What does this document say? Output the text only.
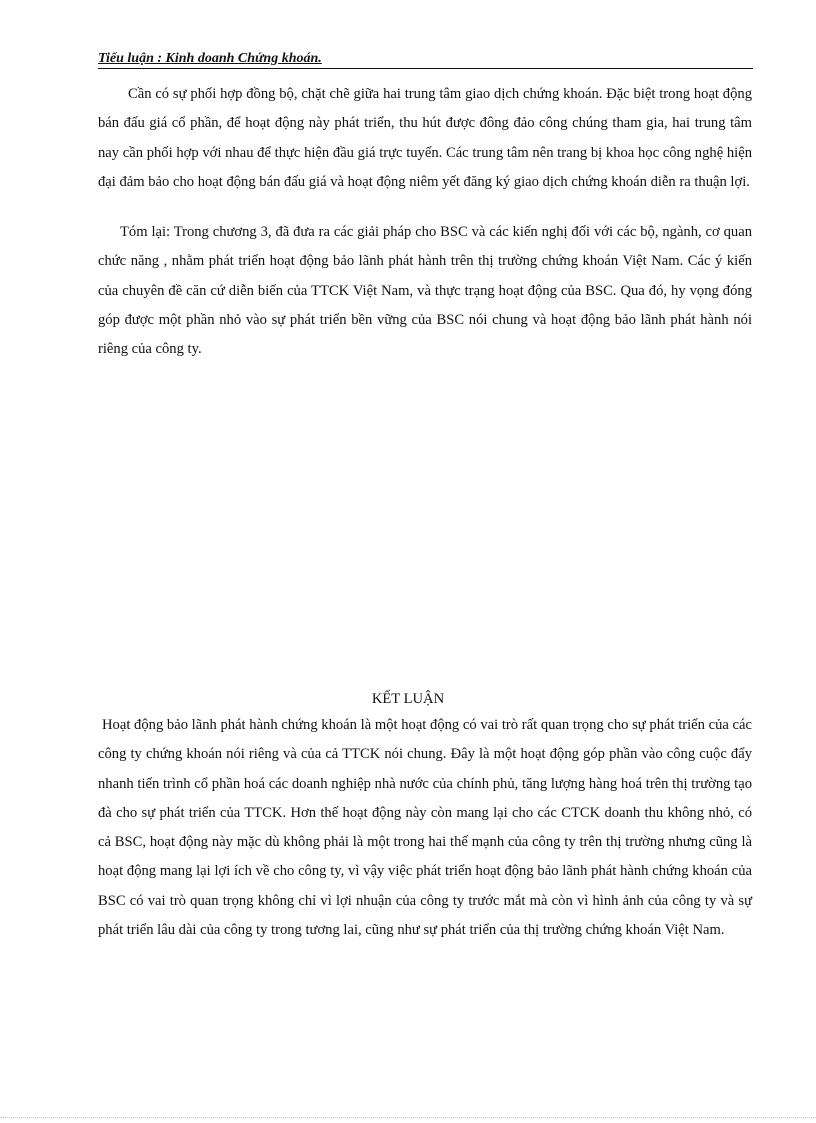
Tiểu luận : Kinh doanh Chứng khoán.

Cần có sự phối hợp đồng bộ, chặt chẽ giữa hai trung tâm giao dịch chứng khoán. Đặc biệt trong hoạt động bán đấu giá cổ phần, để hoạt động này phát triển, thu hút được đông đảo công chúng tham gia, hai trung tâm nay cần phối hợp với nhau để thực hiện đầu giá trực tuyến. Các trung tâm nên trang bị khoa học công nghệ hiện đại đảm bảo cho hoạt động bán đấu giá và hoạt động niêm yết đăng ký giao dịch chứng khoán diễn ra thuận lợi.

Tóm lại: Trong chương 3, đã đưa ra các giải pháp cho BSC và các kiến nghị đối với các bộ, ngành, cơ quan chức năng , nhằm phát triển hoạt động bảo lãnh phát hành trên thị trường chứng khoán Việt Nam. Các ý kiến của chuyên đề căn cứ diễn biến của TTCK Việt Nam, và thực trạng hoạt động của BSC. Qua đó, hy vọng đóng góp được một phần nhỏ vào sự phát triển bền vững của BSC nói chung và hoạt động bảo lãnh phát hành nói riêng của công ty.

KẾT LUẬN

Hoạt động bảo lãnh phát hành chứng khoán là một hoạt động có vai trò rất quan trọng cho sự phát triển của các công ty chứng khoán nói riêng và của cả TTCK nói chung. Đây là một hoạt động góp phần vào công cuộc đẩy nhanh tiến trình cổ phần hoá các doanh nghiệp nhà nước của chính phủ, tăng lượng hàng hoá trên thị trường tạo đà cho sự phát triển của TTCK. Hơn thế hoạt động này còn mang lại cho các CTCK doanh thu không nhỏ, có cả BSC, hoạt động này mặc dù không phải là một trong hai thế mạnh của công ty trên thị trường nhưng cũng là hoạt động mang lại lợi ích về cho công ty, vì vậy việc phát triển hoạt động bảo lãnh phát hành chứng khoán của BSC có vai trò quan trọng không chỉ vì lợi nhuận của công ty trước mắt mà còn vì hình ảnh của công ty và sự phát triển lâu dài của công ty trong tương lai, cũng như sự phát triển của thị trường chứng khoán Việt Nam.
